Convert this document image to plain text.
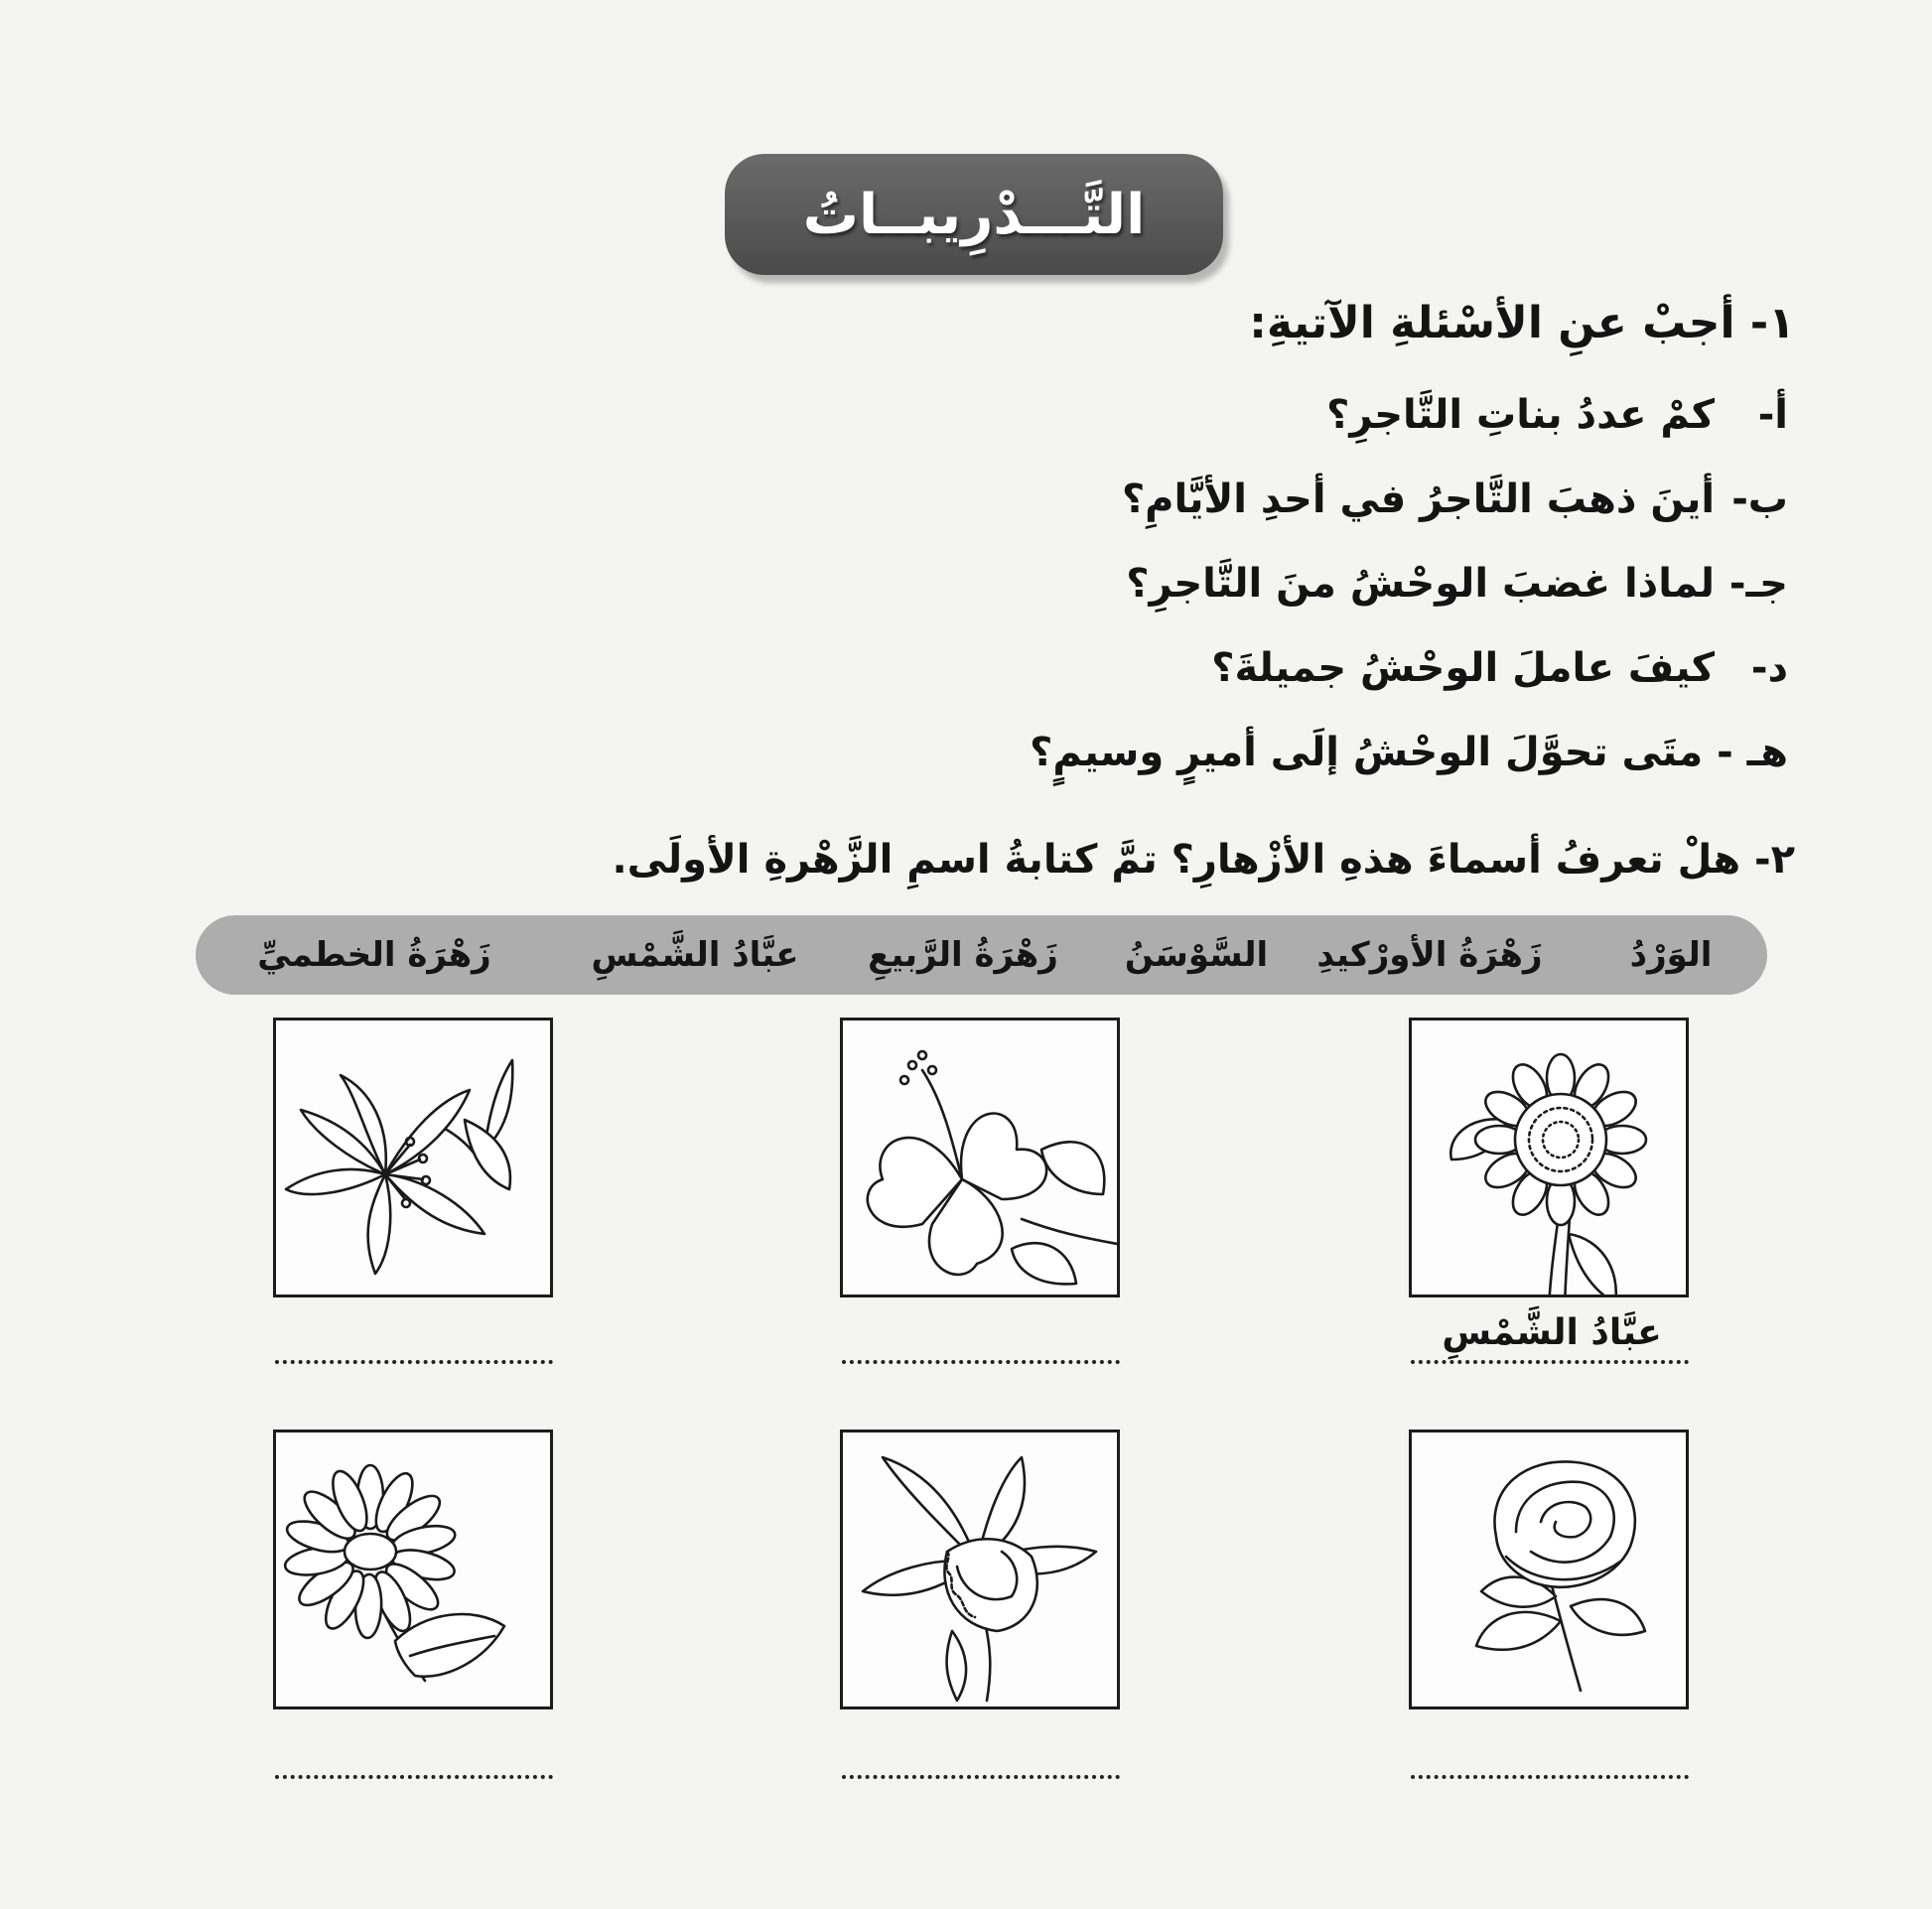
التَّـــدْرِيبــاتُ
١- أجبْ عنِ الأسْئلةِ الآتيةِ:
أ- كمْ عددُ بناتِ التَّاجرِ؟
ب- أينَ ذهبَ التَّاجرُ في أحدِ الأيَّامِ؟
جـ- لماذا غضبَ الوحْشُ منَ التَّاجرِ؟
د- كيفَ عاملَ الوحْشُ جميلةَ؟
هـ - متَى تحوَّلَ الوحْشُ إلَى أميرٍ وسيمٍ؟
٢- هلْ تعرفُ أسماءَ هذهِ الأزْهارِ؟ تمَّ كتابةُ اسمِ الزَّهْرةِ الأولَى.
الوَرْدُ
زَهْرَةُ الأورْكيدِ
السَّوْسَنُ
زَهْرَةُ الرَّبيعِ
عبَّادُ الشَّمْسِ
زَهْرَةُ الخطميِّ
عبَّادُ الشَّمْسِ
